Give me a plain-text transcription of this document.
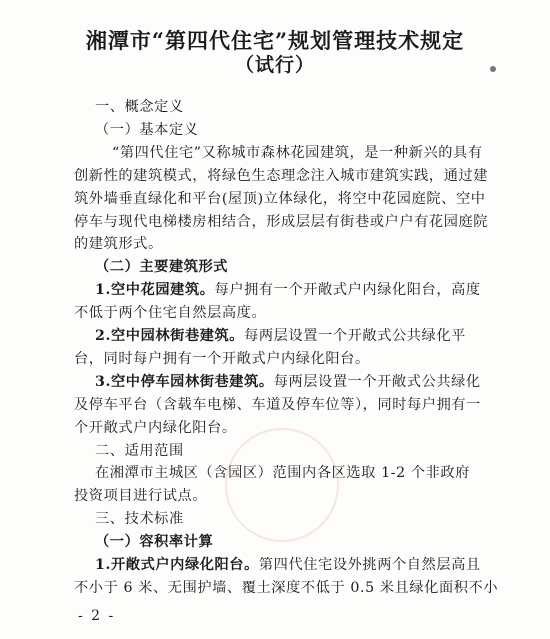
湘潭市“第四代住宅”规划管理技术规定
（试行）
- 2 -
一、概念定义
（一）基本定义
“第四代住宅”又称城市森林花园建筑，是一种新兴的具有
创新性的建筑模式，将绿色生态理念注入城市建筑实践，通过建
筑外墙垂直绿化和平台(屋顶)立体绿化，将空中花园庭院、空中
停车与现代电梯楼房相结合，形成层层有街巷或户户有花园庭院
的建筑形式。
（二）主要建筑形式
1.空中花园建筑。每户拥有一个开敞式户内绿化阳台，高度
不低于两个住宅自然层高度。
2.空中园林街巷建筑。每两层设置一个开敞式公共绿化平
台，同时每户拥有一个开敞式户内绿化阳台。
3.空中停车园林街巷建筑。每两层设置一个开敞式公共绿化
及停车平台（含载车电梯、车道及停车位等），同时每户拥有一
个开敞式户内绿化阳台。
二、适用范围
在湘潭市主城区（含园区）范围内各区选取 1-2 个非政府
投资项目进行试点。
三、技术标准
（一）容积率计算
1.开敞式户内绿化阳台。第四代住宅设外挑两个自然层高且
不小于 6 米、无围护墙、覆土深度不低于 0.5 米且绿化面积不小
